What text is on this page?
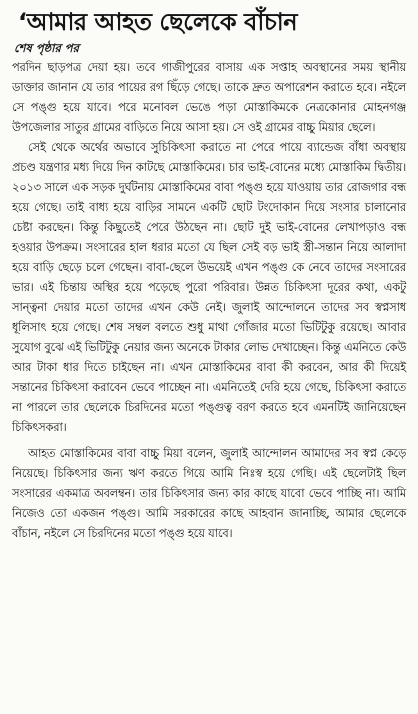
‘আমার আহত ছেলেকে বাঁচান
শেষ পৃষ্ঠার পর

পরদিন ছাড়পত্র দেয়া হয়। তবে গাজীপুরের বাসায় এক সপ্তাহ অবস্থানের সময় স্থানীয় ডাক্তার জানান যে তার পায়ের রগ ছিঁড়ে গেছে। তাকে দ্রুত অপারেশন করাতে হবে। নইলে সে পঙ্গু হয়ে যাবে। পরে মনোবল ভেঙে পড়া মোস্তাকিমকে নেত্রকোনার মোহনগঞ্জ উপজেলার সাতুর গ্রামের বাড়িতে নিয়ে আসা হয়। সে ওই গ্রামের বাচ্চু মিয়ার ছেলে।

সেই থেকে অর্থের অভাবে সুচিকিৎসা করাতে না পেরে পায়ে ব্যান্ডেজ বাঁধা অবস্থায় প্রচণ্ড যন্ত্রণার মধ্য দিয়ে দিন কাটছে মোস্তাকিমের। চার ভাই-বোনের মধ্যে মোস্তাকিম দ্বিতীয়। ২০১৩ সালে এক সড়ক দুর্ঘটনায় মোস্তাকিমের বাবা পঙ্গু হয়ে যাওয়ায় তার রোজগার বন্ধ হয়ে গেছে। তাই বাধ্য হয়ে বাড়ির সামনে একটি ছোট টংদোকান দিয়ে সংসার চালানোর চেষ্টা করছেন। কিন্তু কিছুতেই পেরে উঠছেন না। ছোট দুই ভাই-বোনের লেখাপড়াও বন্ধ হওয়ার উপক্রম। সংসারের হাল ধরার মতো যে ছিল সেই বড় ভাই স্ত্রী-সন্তান নিয়ে আলাদা হয়ে বাড়ি ছেড়ে চলে গেছেন। বাবা-ছেলে উভয়েই এখন পঙ্গু কে নেবে তাদের সংসারের ভার। এই চিন্তায় অস্থির হয়ে পড়েছে পুরো পরিবার। উন্নত চিকিৎসা দূরের কথা, একটু সান্ত্বনা দেয়ার মতো তাদের এখন কেউ নেই। জুলাই আন্দোলনে তাদের সব স্বপ্নসাধ ধূলিসাৎ হয়ে গেছে। শেষ সম্বল বলতে শুধু মাথা গোঁজার মতো ভিটিটুকু রয়েছে। আবার সুযোগ বুঝে এই ভিটিটুকু নেয়ার জন্য অনেকে টাকার লোভ দেখাচ্ছেন। কিন্তু এমনিতে কেউ আর টাকা ধার দিতে চাইছেন না। এখন মোস্তাকিমের বাবা কী করবেন, আর কী দিয়েই সন্তানের চিকিৎসা করাবেন ভেবে পাচ্ছেন না। এমনিতেই দেরি হয়ে গেছে, চিকিৎসা করাতে না পারলে তার ছেলেকে চিরদিনের মতো পঙ্গুত্ব বরণ করতে হবে এমনটিই জানিয়েছেন চিকিৎসকরা।

আহত মোস্তাকিমের বাবা বাচ্চু মিয়া বলেন, জুলাই আন্দোলন আমাদের সব স্বপ্ন কেড়ে নিয়েছে। চিকিৎসার জন্য ঋণ করতে গিয়ে আমি নিঃস্ব হয়ে গেছি। এই ছেলেটাই ছিল সংসারের একমাত্র অবলম্বন। তার চিকিৎসার জন্য কার কাছে যাবো ভেবে পাচ্ছি না। আমি নিজেও তো একজন পঙ্গু। আমি সরকারের কাছে আহবান জানাচ্ছি, আমার ছেলেকে বাঁচান, নইলে সে চিরদিনের মতো পঙ্গু হয়ে যাবে।
